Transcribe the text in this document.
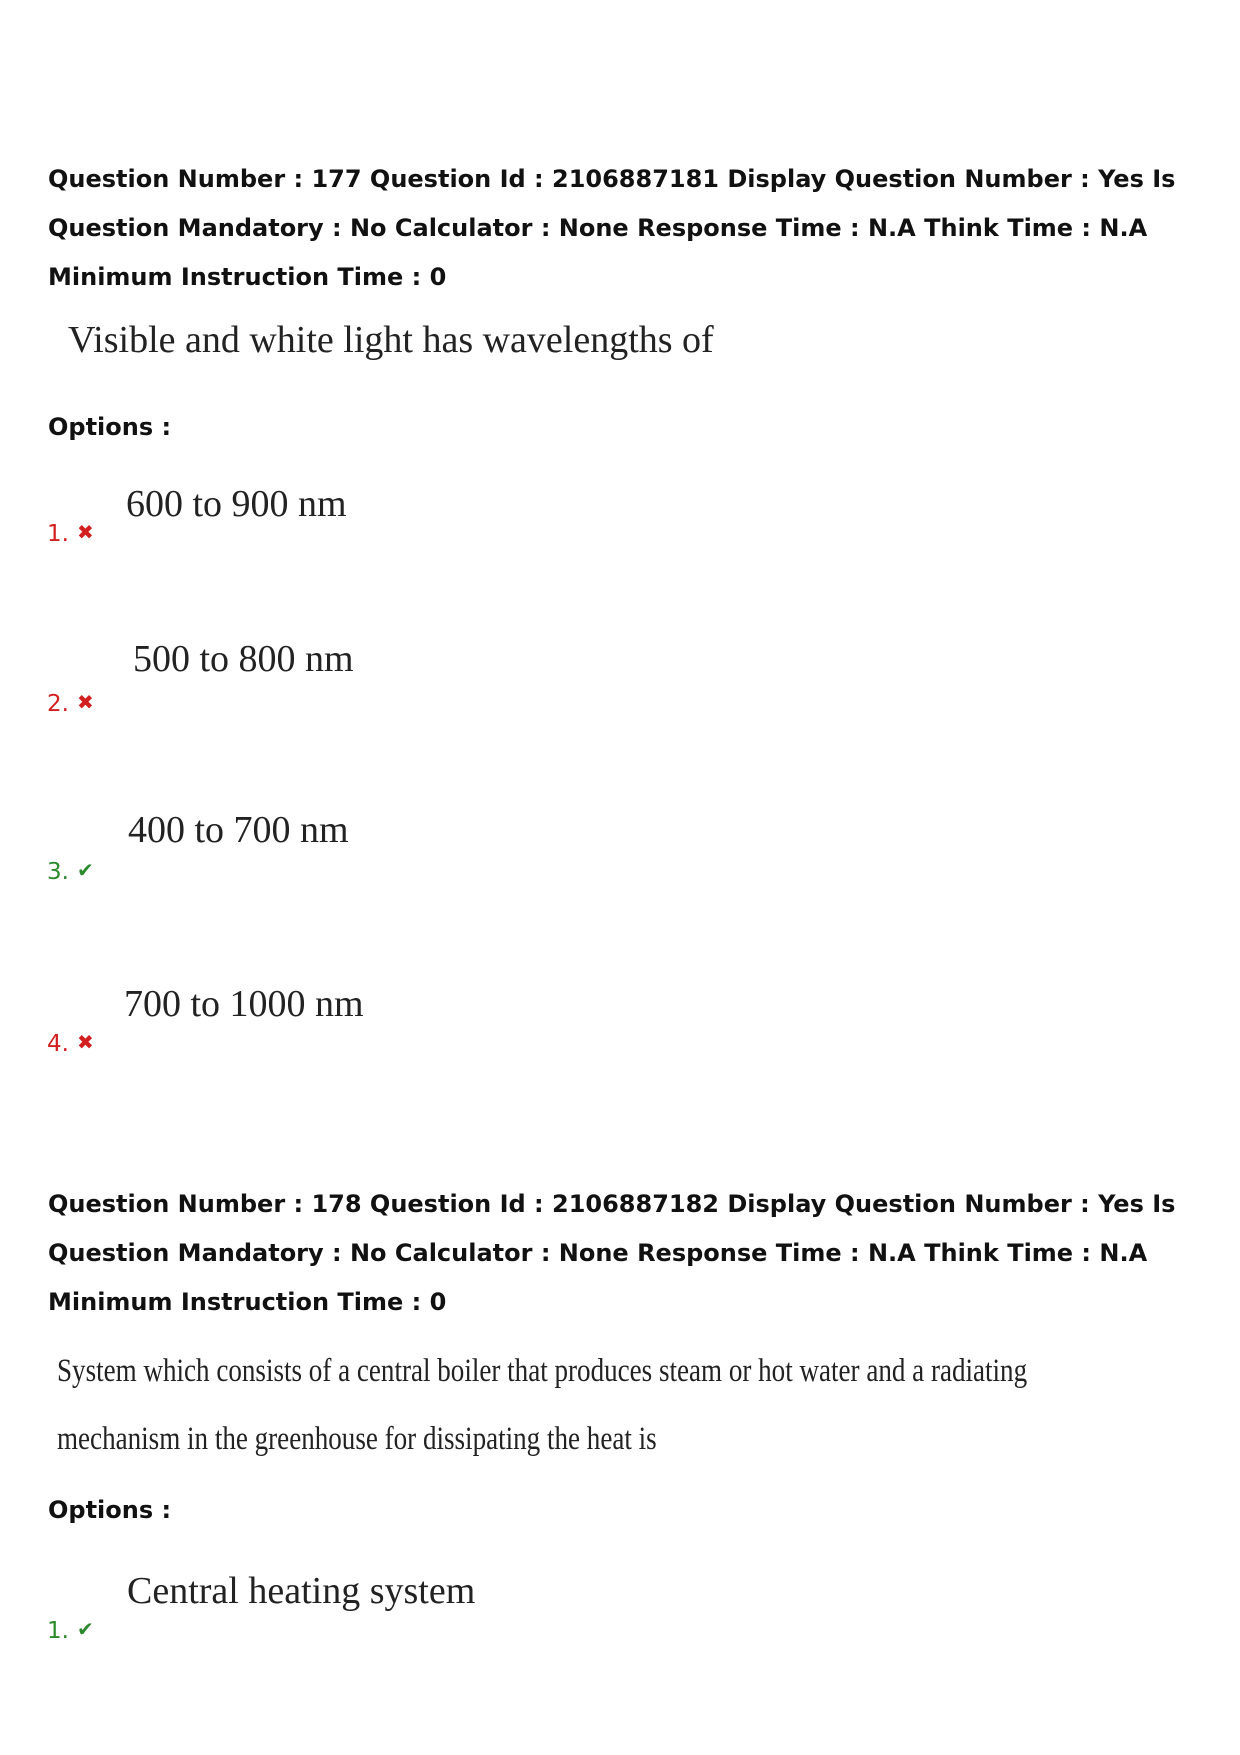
Question Number : 177 Question Id : 2106887181 Display Question Number : Yes Is Question Mandatory : No Calculator : None Response Time : N.A Think Time : N.A Minimum Instruction Time : 0
Visible and white light has wavelengths of
Options :
1. ✖
600 to 900 nm
2. ✖
500 to 800 nm
3. ✔
400 to 700 nm
4. ✖
700 to 1000 nm
Question Number : 178 Question Id : 2106887182 Display Question Number : Yes Is Question Mandatory : No Calculator : None Response Time : N.A Think Time : N.A Minimum Instruction Time : 0
System which consists of a central boiler that produces steam or hot water and a radiating
mechanism in the greenhouse for dissipating the heat is
Options :
1. ✔
Central heating system
